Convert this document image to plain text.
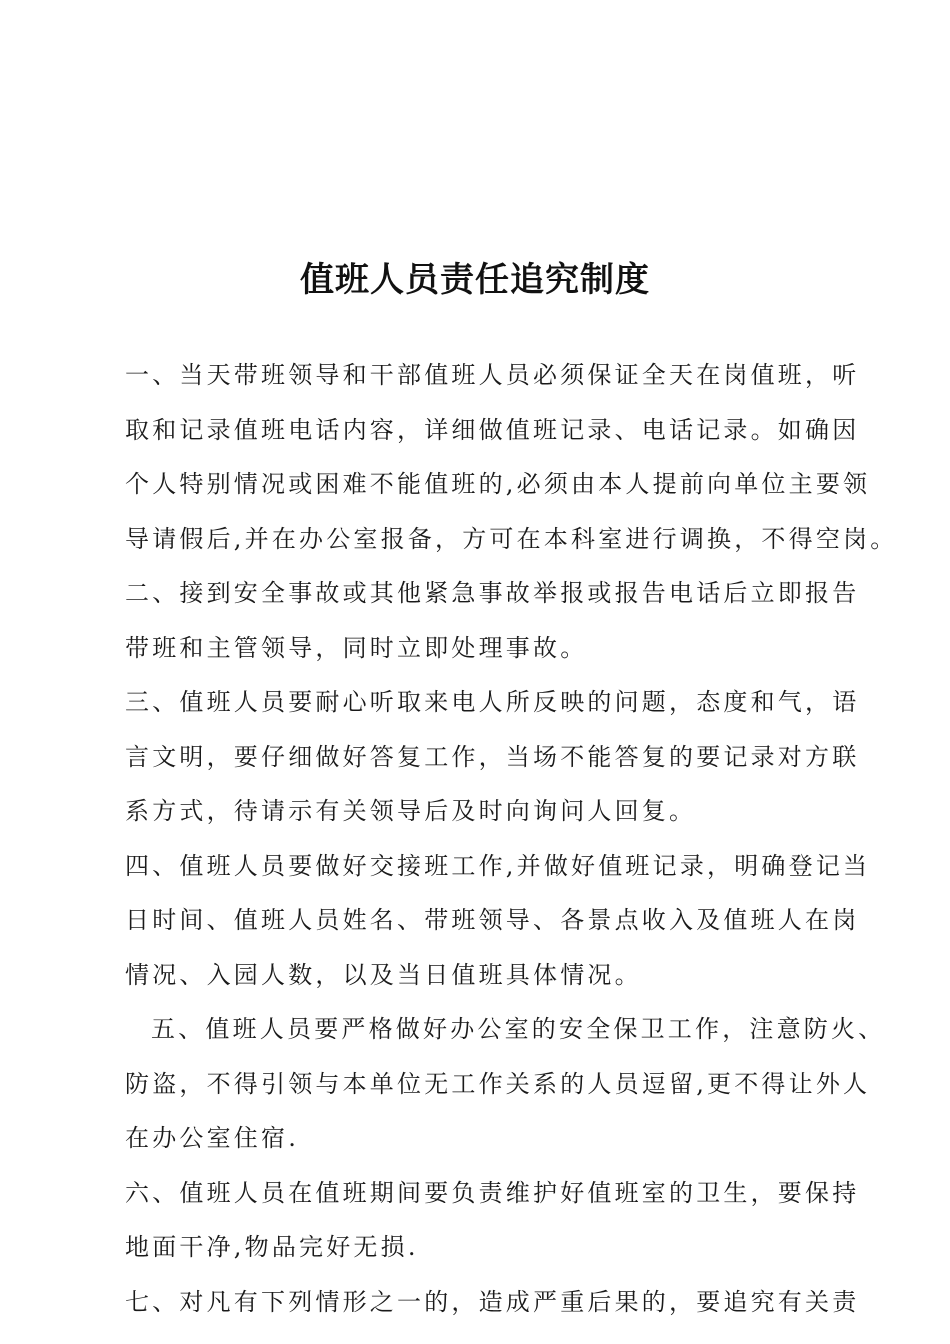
值班人员责任追究制度
一、当天带班领导和干部值班人员必须保证全天在岗值班，听
取和记录值班电话内容，详细做值班记录、电话记录。如确因
个人特别情况或困难不能值班的,必须由本人提前向单位主要领
导请假后,并在办公室报备，方可在本科室进行调换，不得空岗。
二、接到安全事故或其他紧急事故举报或报告电话后立即报告
带班和主管领导，同时立即处理事故。
三、值班人员要耐心听取来电人所反映的问题，态度和气，语
言文明，要仔细做好答复工作，当场不能答复的要记录对方联
系方式，待请示有关领导后及时向询问人回复。
四、值班人员要做好交接班工作,并做好值班记录，明确登记当
日时间、值班人员姓名、带班领导、各景点收入及值班人在岗
情况、入园人数，以及当日值班具体情况。
五、值班人员要严格做好办公室的安全保卫工作，注意防火、
防盗，不得引领与本单位无工作关系的人员逗留,更不得让外人
在办公室住宿.
六、值班人员在值班期间要负责维护好值班室的卫生，要保持
地面干净,物品完好无损.
七、对凡有下列情形之一的，造成严重后果的，要追究有关责
